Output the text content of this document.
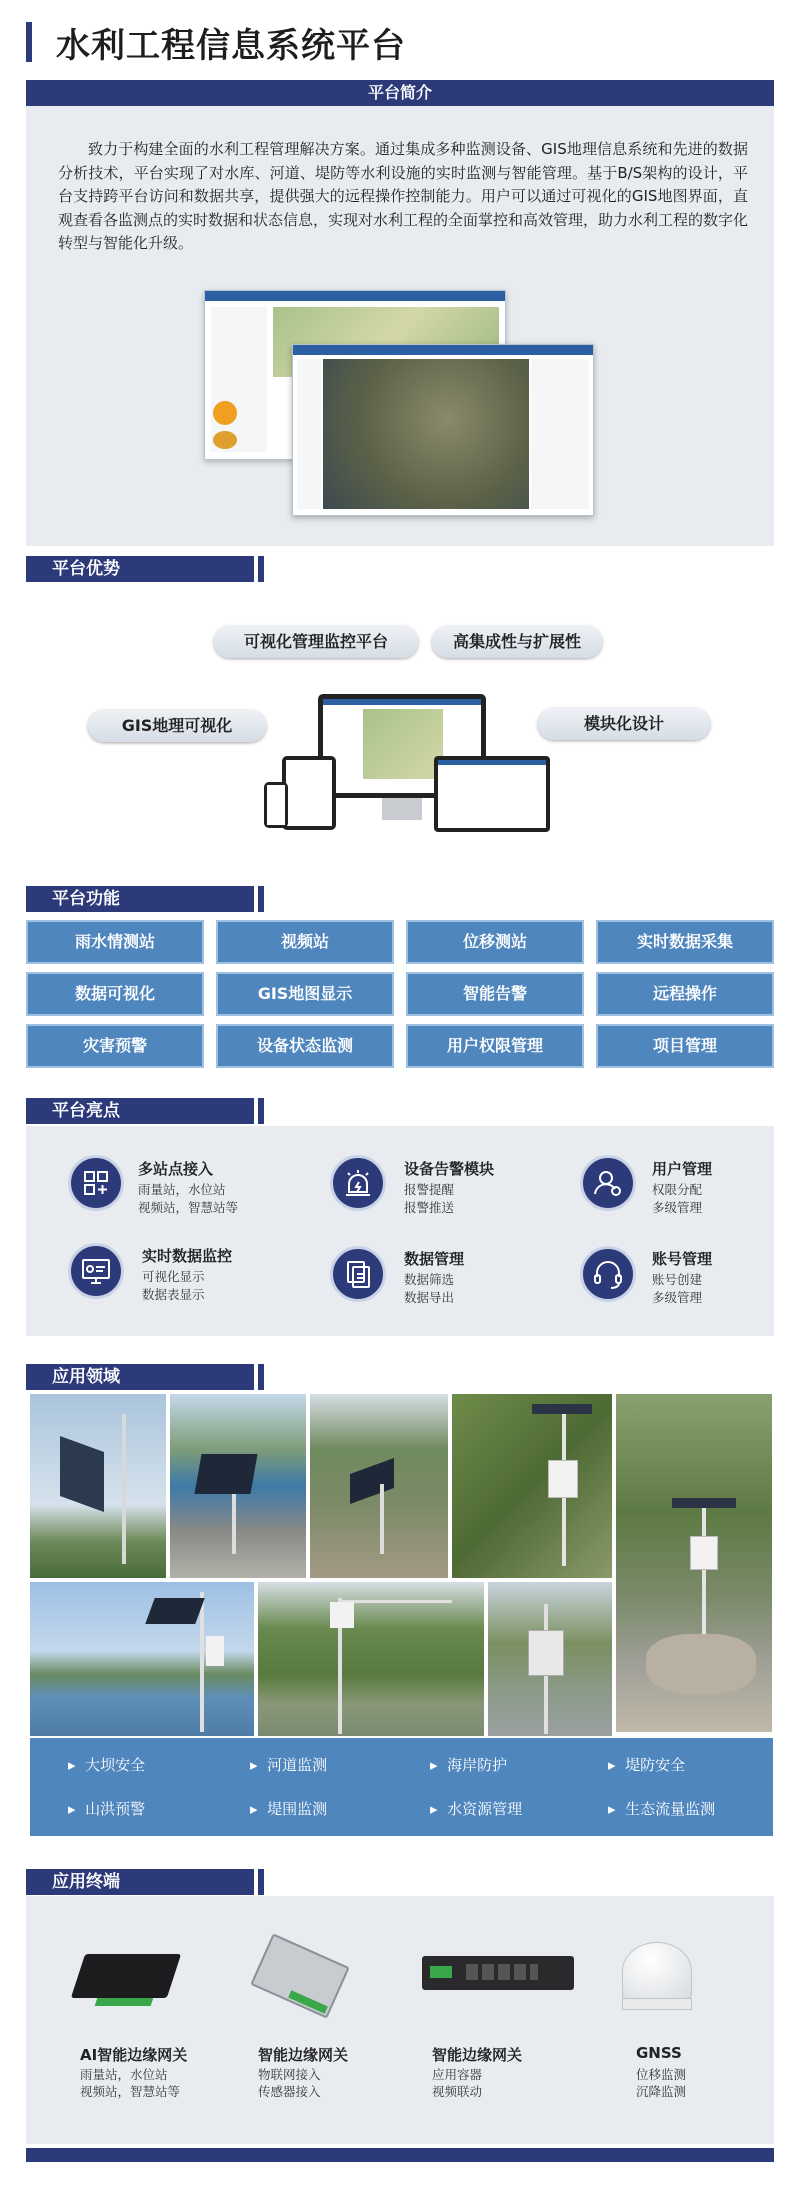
水利工程信息系统平台
平台简介
致力于构建全面的水利工程管理解决方案。通过集成多种监测设备、GIS地理信息系统和先进的数据分析技术，平台实现了对水库、河道、堤防等水利设施的实时监测与智能管理。基于B/S架构的设计，平台支持跨平台访问和数据共享，提供强大的远程操作控制能力。用户可以通过可视化的GIS地图界面，直观查看各监测点的实时数据和状态信息，实现对水利工程的全面掌控和高效管理，助力水利工程的数字化转型与智能化升级。
平台优势
可视化管理监控平台	高集成性与扩展性
GIS地理可视化	模块化设计
平台功能
雨水情测站	视频站	位移测站	实时数据采集
数据可视化	GIS地图显示	智能告警	远程操作
灾害预警	设备状态监测	用户权限管理	项目管理
平台亮点
多站点接入
雨量站，水位站
视频站，智慧站等
设备告警模块
报警提醒
报警推送
用户管理
权限分配
多级管理
实时数据监控
可视化显示
数据表显示
数据管理
数据筛选
数据导出
账号管理
账号创建
多级管理
应用领域
▸  大坝安全	▸  河道监测	▸  海岸防护	▸  堤防安全
▸  山洪预警	▸  堤围监测	▸  水资源管理	▸  生态流量监测
应用终端
AI智能边缘网关
雨量站，水位站
视频站，智慧站等
智能边缘网关
物联网接入
传感器接入
智能边缘网关
应用容器
视频联动
GNSS
位移监测
沉降监测
